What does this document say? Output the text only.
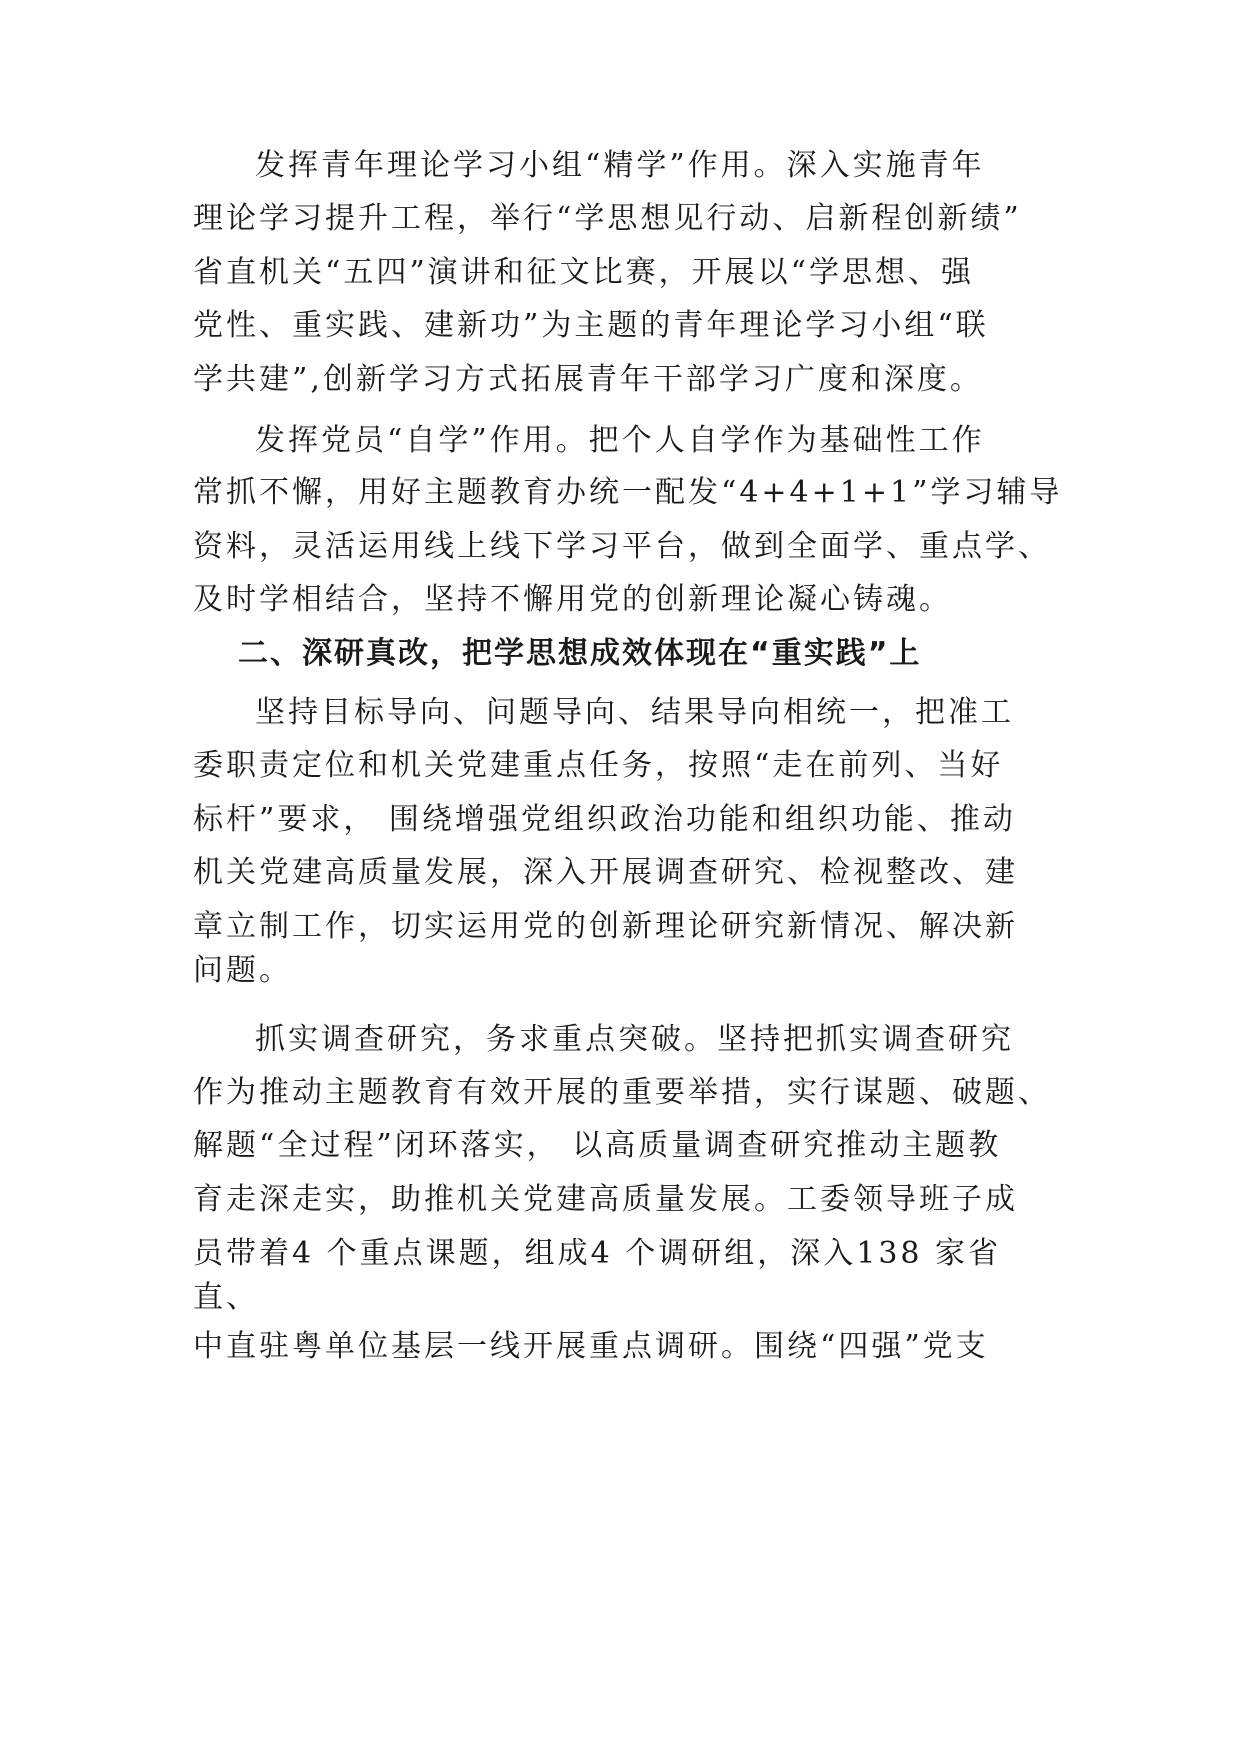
发挥青年理论学习小组“精学”作用。深入实施青年
理论学习提升工程，举行“学思想见行动、启新程创新绩”
省直机关“五四”演讲和征文比赛，开展以“学思想、强
党性、重实践、建新功”为主题的青年理论学习小组“联
学共建”,创新学习方式拓展青年干部学习广度和深度。
发挥党员“自学”作用。把个人自学作为基础性工作
常抓不懈，用好主题教育办统一配发“4+4+1+1”学习辅导
资料，灵活运用线上线下学习平台，做到全面学、重点学、
及时学相结合，坚持不懈用党的创新理论凝心铸魂。
二、深研真改，把学思想成效体现在“重实践”上
坚持目标导向、问题导向、结果导向相统一，把准工
委职责定位和机关党建重点任务，按照“走在前列、当好
标杆”要求， 围绕增强党组织政治功能和组织功能、推动
机关党建高质量发展，深入开展调查研究、检视整改、建
章立制工作，切实运用党的创新理论研究新情况、解决新
问题。
抓实调查研究，务求重点突破。坚持把抓实调查研究
作为推动主题教育有效开展的重要举措，实行谋题、破题、
解题“全过程”闭环落实， 以高质量调查研究推动主题教
育走深走实，助推机关党建高质量发展。工委领导班子成
员带着4 个重点课题，组成4 个调研组，深入138 家省
直、
中直驻粤单位基层一线开展重点调研。围绕“四强”党支
